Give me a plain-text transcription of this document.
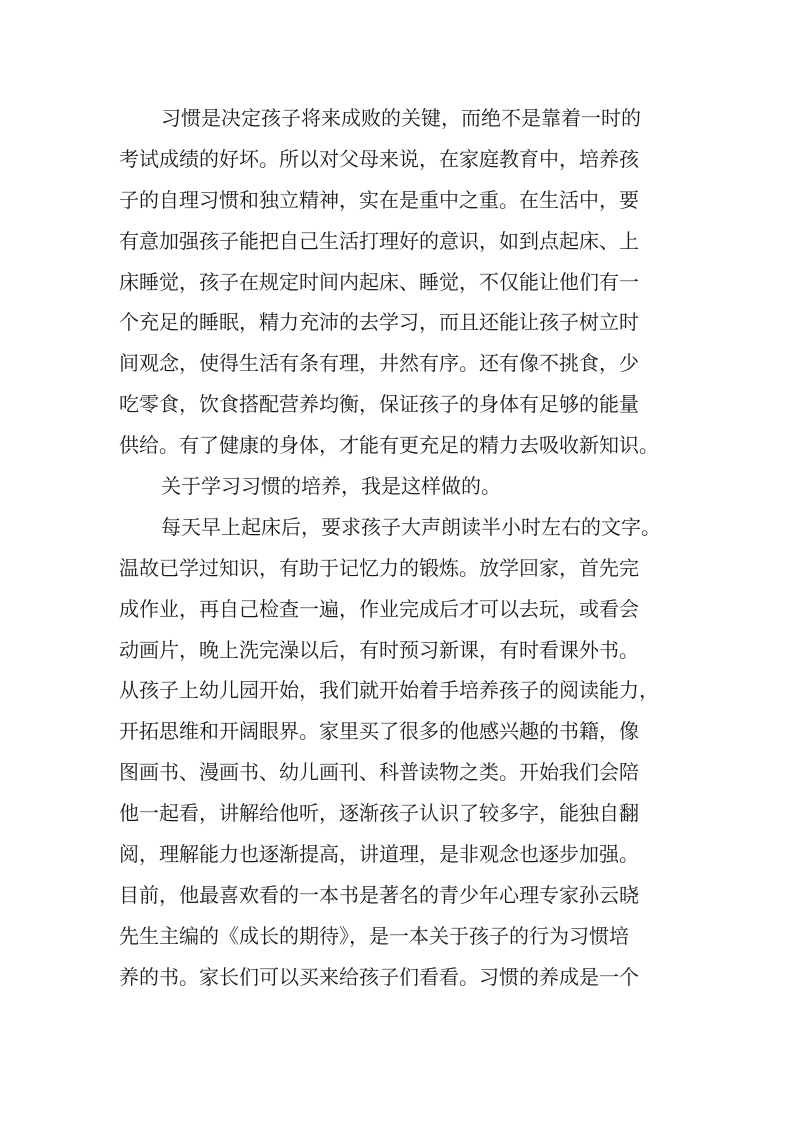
习惯是决定孩子将来成败的关键，而绝不是靠着一时的
考试成绩的好坏。所以对父母来说，在家庭教育中，培养孩
子的自理习惯和独立精神，实在是重中之重。在生活中，要
有意加强孩子能把自己生活打理好的意识，如到点起床、上
床睡觉，孩子在规定时间内起床、睡觉，不仅能让他们有一
个充足的睡眠，精力充沛的去学习，而且还能让孩子树立时
间观念，使得生活有条有理，井然有序。还有像不挑食，少
吃零食，饮食搭配营养均衡，保证孩子的身体有足够的能量
供给。有了健康的身体，才能有更充足的精力去吸收新知识。
关于学习习惯的培养，我是这样做的。
每天早上起床后，要求孩子大声朗读半小时左右的文字。
温故已学过知识，有助于记忆力的锻炼。放学回家，首先完
成作业，再自己检查一遍，作业完成后才可以去玩，或看会
动画片，晚上洗完澡以后，有时预习新课，有时看课外书。
从孩子上幼儿园开始，我们就开始着手培养孩子的阅读能力，
开拓思维和开阔眼界。家里买了很多的他感兴趣的书籍，像
图画书、漫画书、幼儿画刊、科普读物之类。开始我们会陪
他一起看，讲解给他听，逐渐孩子认识了较多字，能独自翻
阅，理解能力也逐渐提高，讲道理，是非观念也逐步加强。
目前，他最喜欢看的一本书是著名的青少年心理专家孙云晓
先生主编的《成长的期待》，是一本关于孩子的行为习惯培
养的书。家长们可以买来给孩子们看看。习惯的养成是一个
